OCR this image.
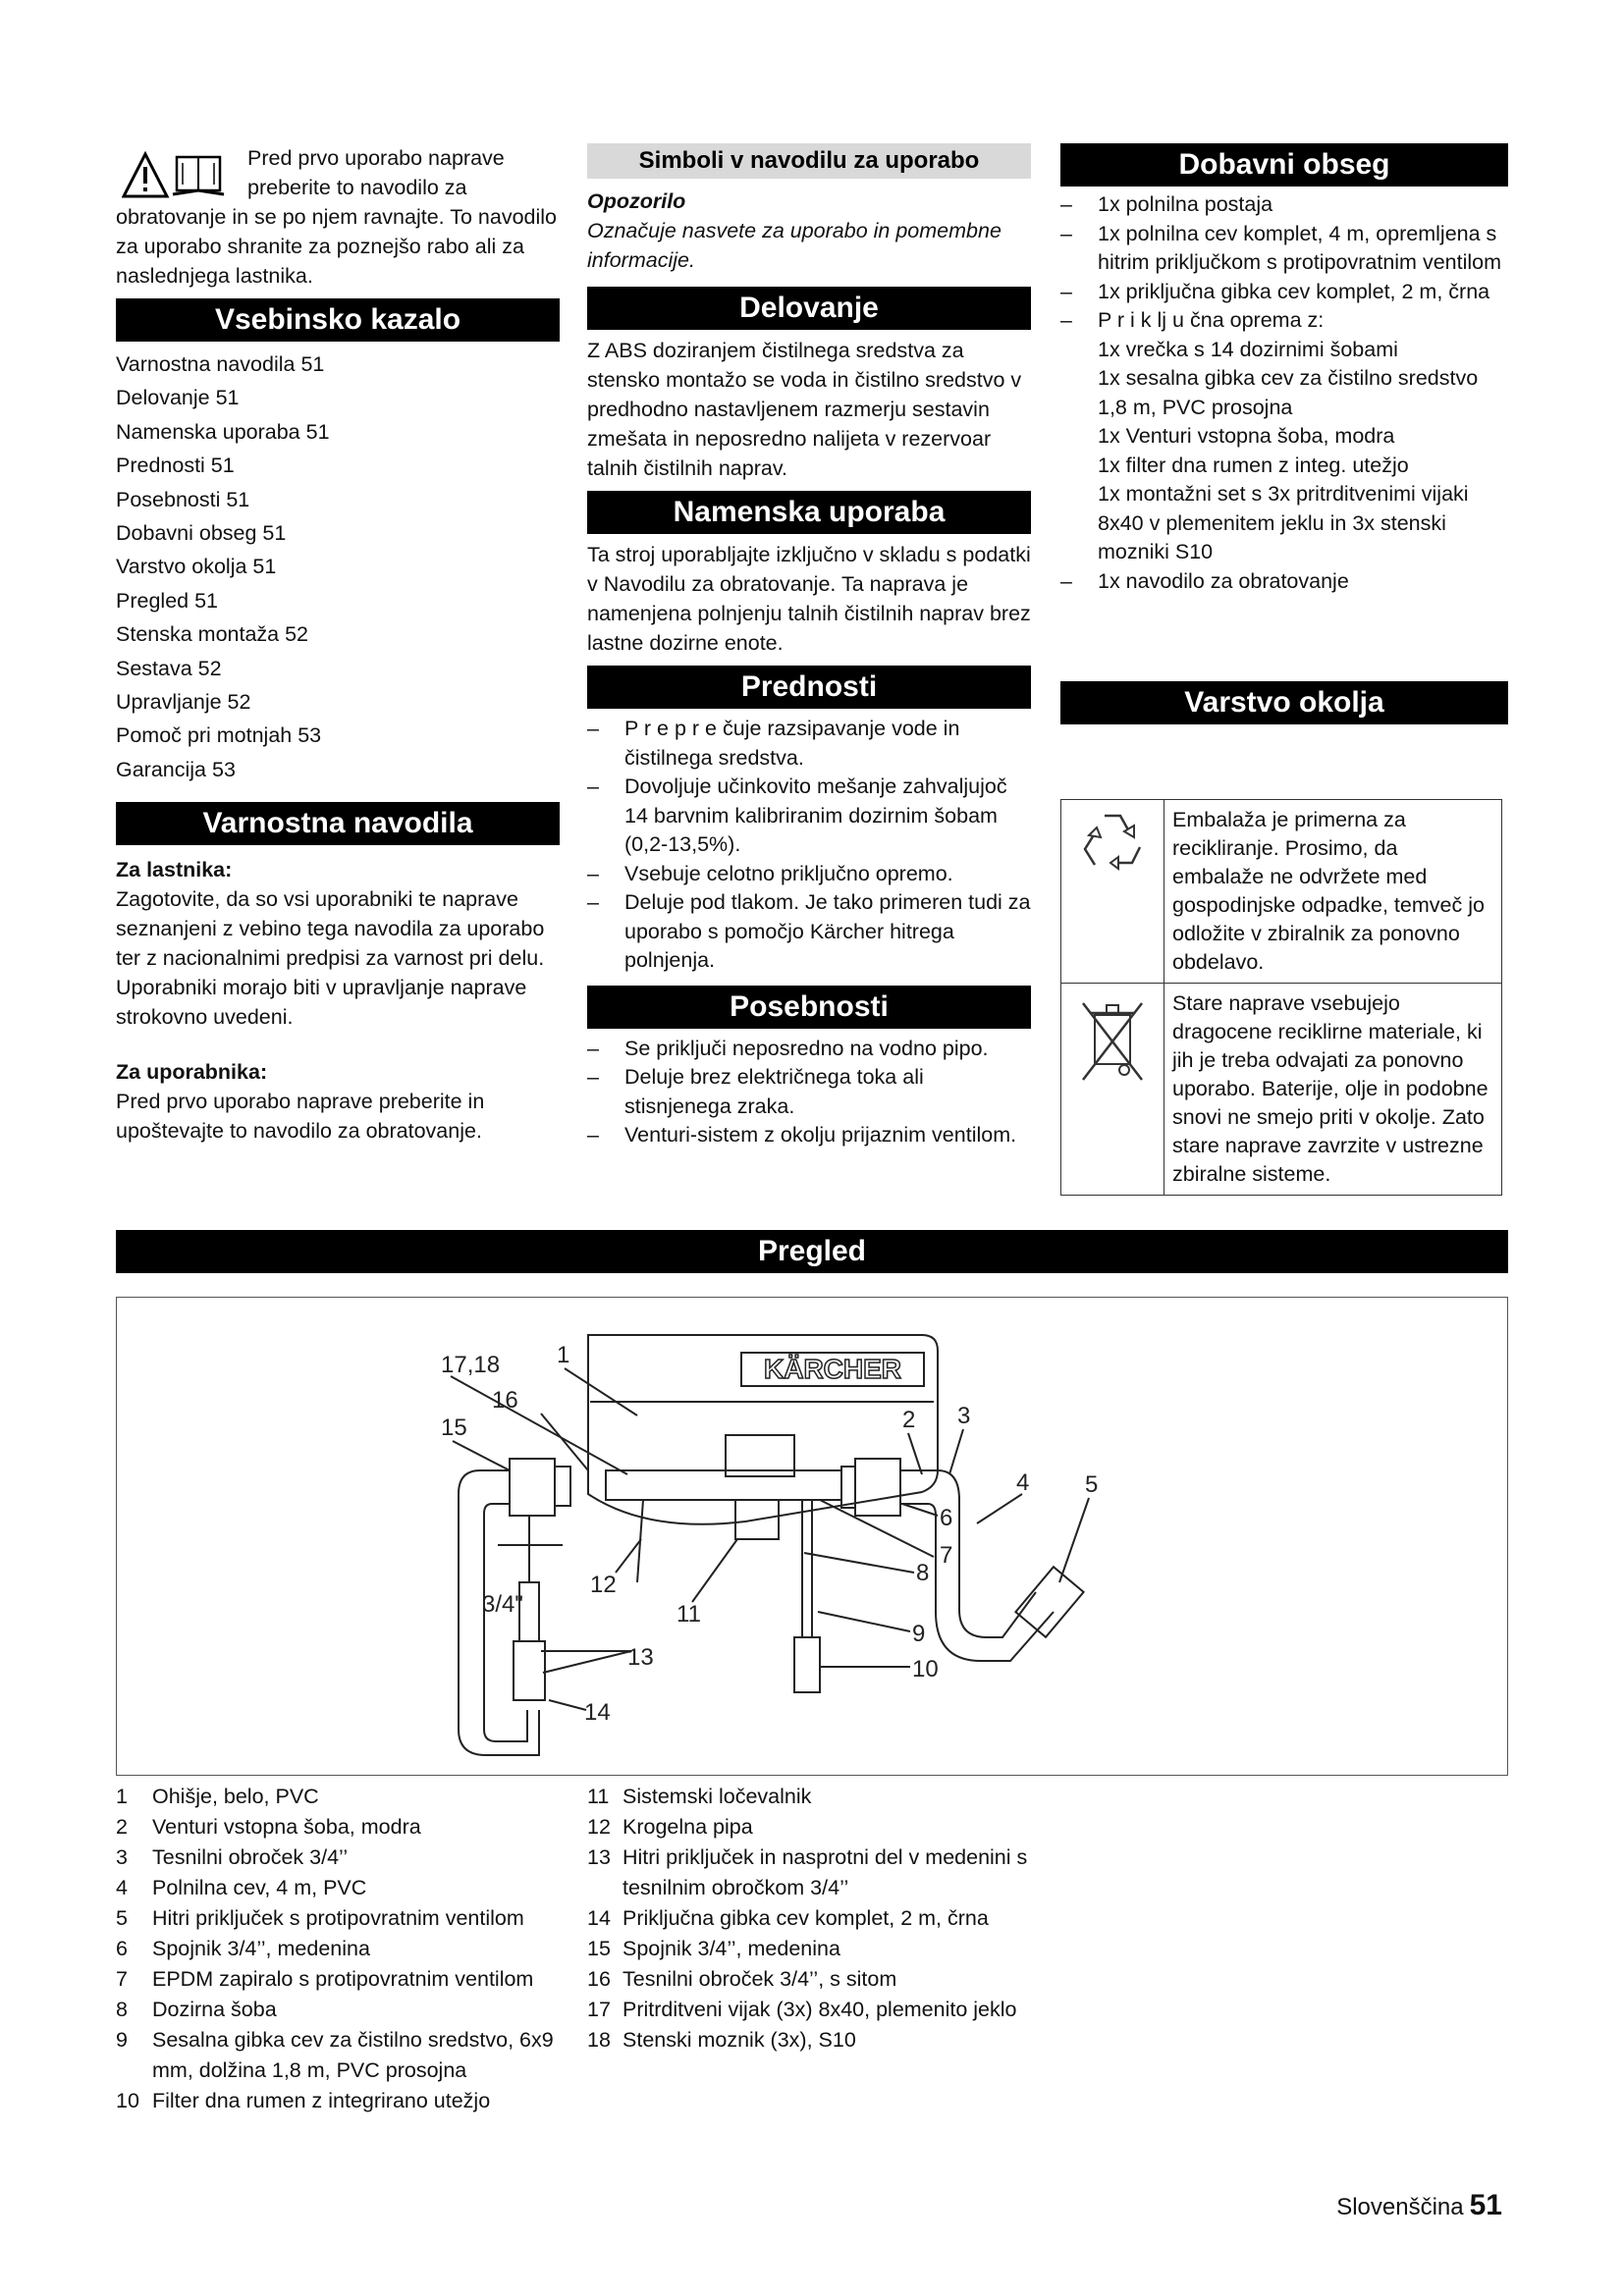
Pred prvo uporabo naprave

preberite to navodilo za

obratovanje in se po njem ravnajte. To navodilo za uporabo shranite za poznejšo rabo ali za naslednjega lastnika.

Vsebinsko kazalo
Varnostna navodila 51
Delovanje 51
Namenska uporaba 51
Prednosti 51
Posebnosti 51
Dobavni obseg 51
Varstvo okolja 51
Pregled 51
Stenska montaža 52
Sestava 52
Upravljanje 52
Pomoč pri motnjah 53
Garancija 53
Varnostna navodila

Za lastnika:

Zagotovite, da so vsi uporabniki te naprave seznanjeni z vebino tega navodila za uporabo ter z nacionalnimi predpisi za varnost pri delu. Uporabniki morajo biti v upravljanje naprave strokovno uvedeni.

Za uporabnika:

Pred prvo uporabo naprave preberite in upoštevajte to navodilo za obratovanje.

Simboli v navodilu za uporabo

Opozorilo

Označuje nasvete za uporabo in pomembne informacije.

Delovanje

Z ABS doziranjem čistilnega sredstva za stensko montažo se voda in čistilno sredstvo v predhodno nastavljenem razmerju sestavin zmešata in neposredno nalijeta v rezervoar talnih čistilnih naprav.

Namenska uporaba

Ta stroj uporabljajte izključno v skladu s podatki v Navodilu za obratovanje. Ta naprava je namenjena polnjenju talnih čistilnih naprav brez lastne dozirne enote.

Prednosti
– P r e p r e čuje razsipavanje vode in čistilnega sredstva.
– Dovoljuje učinkovito mešanje zahvaljujoč 14 barvnim kalibriranim dozirnim šobam (0,2-13,5%).
– Vsebuje celotno priključno opremo.
– Deluje pod tlakom. Je tako primeren tudi za uporabo s pomočjo Kärcher hitrega polnjenja.
Posebnosti
– Se priključi neposredno na vodno pipo.
– Deluje brez električnega toka ali stisnjenega zraka.
– Venturi-sistem z okolju prijaznim ventilom.
Dobavni obseg
– 1x polnilna postaja
– 1x polnilna cev komplet, 4 m, opremljena s hitrim priključkom s protipovratnim ventilom
– 1x priključna gibka cev komplet, 2 m, črna
– P r i k lj u čna oprema z:
1x vrečka s 14 dozirnimi šobami
1x sesalna gibka cev za čistilno sredstvo 1,8 m, PVC prosojna
1x Venturi vstopna šoba, modra
1x filter dna rumen z integ. utežjo
1x montažni set s 3x pritrditvenimi vijaki 8x40 v plemenitem jeklu in 3x stenski mozniki S10
– 1x navodilo za obratovanje
Varstvo okolja
	Embalaža je primerna za recikliranje. Prosimo, da embalaže ne odvržete med gospodinjske odpadke, temveč jo odložite v zbiralnik za ponovno obdelavo.
	Stare naprave vsebujejo dragocene reciklirne materiale, ki jih je treba odvajati za ponovno uporabo. Baterije, olje in podobne snovi ne smejo priti v okolje. Zato stare naprave zavrzite v ustrezne zbiralne sisteme.
Pregled
KÄRCHER
1
17,18
16
15	2 3
4 5
6
7
8
9
10
11
12
13
14
3/4"
1 Ohišje, belo, PVC
2 Venturi vstopna šoba, modra
3 Tesnilni obroček 3/4’’
4 Polnilna cev, 4 m, PVC
5 Hitri priključek s protipovratnim ventilom
6 Spojnik 3/4’’, medenina
7 EPDM zapiralo s protipovratnim ventilom
8 Dozirna šoba
9 Sesalna gibka cev za čistilno sredstvo, 6x9 mm, dolžina 1,8 m, PVC prosojna
10 Filter dna rumen z integrirano utežjo
11 Sistemski ločevalnik
12 Krogelna pipa
13 Hitri priključek in nasprotni del v medenini s tesnilnim obročkom 3/4’’
14 Priključna gibka cev komplet, 2 m, črna
15 Spojnik 3/4’’, medenina
16 Tesnilni obroček 3/4’’, s sitom
17 Pritrditveni vijak (3x) 8x40, plemenito jeklo
18 Stenski moznik (3x), S10
Slovenščina 51
